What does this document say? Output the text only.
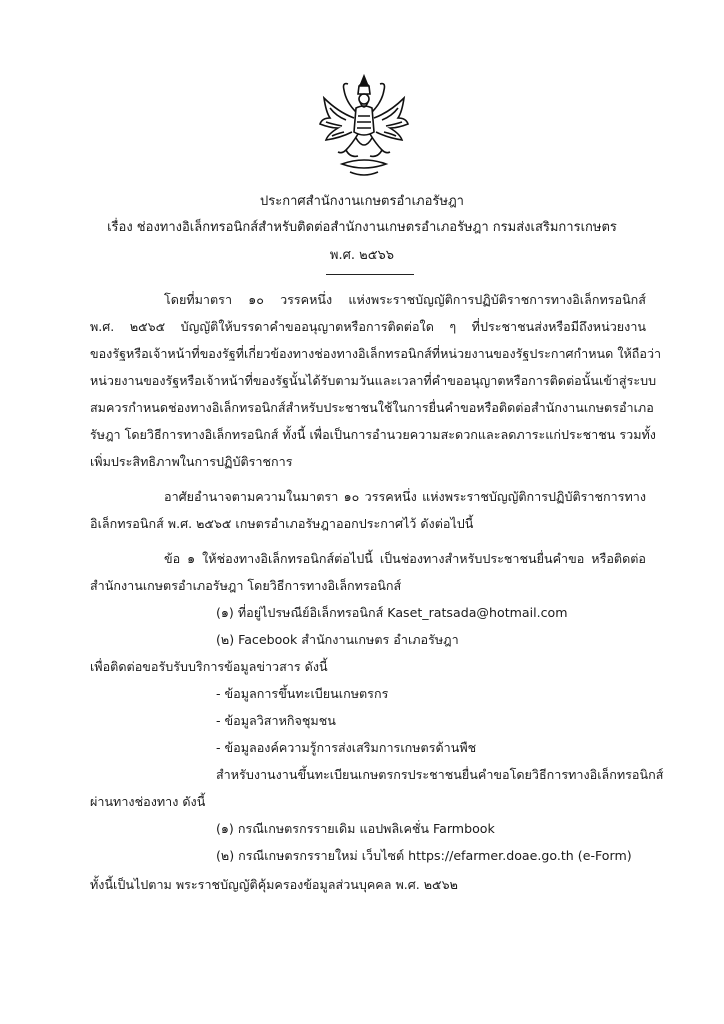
ประกาศสำนักงานเกษตรอำเภอรัษฎา
เรื่อง ช่องทางอิเล็กทรอนิกส์สำหรับติดต่อสำนักงานเกษตรอำเภอรัษฎา กรมส่งเสริมการเกษตร
พ.ศ. ๒๕๖๖
โดยที่มาตรา ๑๐ วรรคหนึ่ง แห่งพระราชบัญญัติการปฏิบัติราชการทางอิเล็กทรอนิกส์
พ.ศ. ๒๕๖๕ บัญญัติให้บรรดาคำขออนุญาตหรือการติดต่อใด ๆ ที่ประชาชนส่งหรือมีถึงหน่วยงาน
ของรัฐหรือเจ้าหน้าที่ของรัฐที่เกี่ยวข้องทางช่องทางอิเล็กทรอนิกส์ที่หน่วยงานของรัฐประกาศกำหนด ให้ถือว่า
หน่วยงานของรัฐหรือเจ้าหน้าที่ของรัฐนั้นได้รับตามวันและเวลาที่คำขออนุญาตหรือการติดต่อนั้นเข้าสู่ระบบ
สมควรกำหนดช่องทางอิเล็กทรอนิกส์สำหรับประชาชนใช้ในการยื่นคำขอหรือติดต่อสำนักงานเกษตรอำเภอ
รัษฎา โดยวิธีการทางอิเล็กทรอนิกส์ ทั้งนี้ เพื่อเป็นการอำนวยความสะดวกและลดภาระแก่ประชาชน รวมทั้ง
เพิ่มประสิทธิภาพในการปฏิบัติราชการ
อาศัยอำนาจตามความในมาตรา ๑๐ วรรคหนึ่ง แห่งพระราชบัญญัติการปฏิบัติราชการทาง
อิเล็กทรอนิกส์ พ.ศ. ๒๕๖๕ เกษตรอำเภอรัษฎาออกประกาศไว้ ดังต่อไปนี้
ข้อ ๑ ให้ช่องทางอิเล็กทรอนิกส์ต่อไปนี้ เป็นช่องทางสำหรับประชาชนยื่นคำขอ หรือติดต่อ
สำนักงานเกษตรอำเภอรัษฎา โดยวิธีการทางอิเล็กทรอนิกส์
(๑) ที่อยู่ไปรษณีย์อิเล็กทรอนิกส์ Kaset_ratsada@hotmail.com
(๒) Facebook สำนักงานเกษตร อำเภอรัษฎา
เพื่อติดต่อขอรับรับบริการข้อมูลข่าวสาร ดังนี้
- ข้อมูลการขึ้นทะเบียนเกษตรกร
- ข้อมูลวิสาหกิจชุมชน
- ข้อมูลองค์ความรู้การส่งเสริมการเกษตรด้านพืช
สำหรับงานงานขึ้นทะเบียนเกษตรกรประชาชนยื่นคำขอโดยวิธีการทางอิเล็กทรอนิกส์
ผ่านทางช่องทาง ดังนี้
(๑) กรณีเกษตรกรรายเดิม แอปพลิเคชั่น Farmbook
(๒) กรณีเกษตรกรรายใหม่ เว็บไซต์ https://efarmer.doae.go.th (e-Form)
ทั้งนี้เป็นไปตาม พระราชบัญญัติคุ้มครองข้อมูลส่วนบุคคล พ.ศ. ๒๕๖๒
